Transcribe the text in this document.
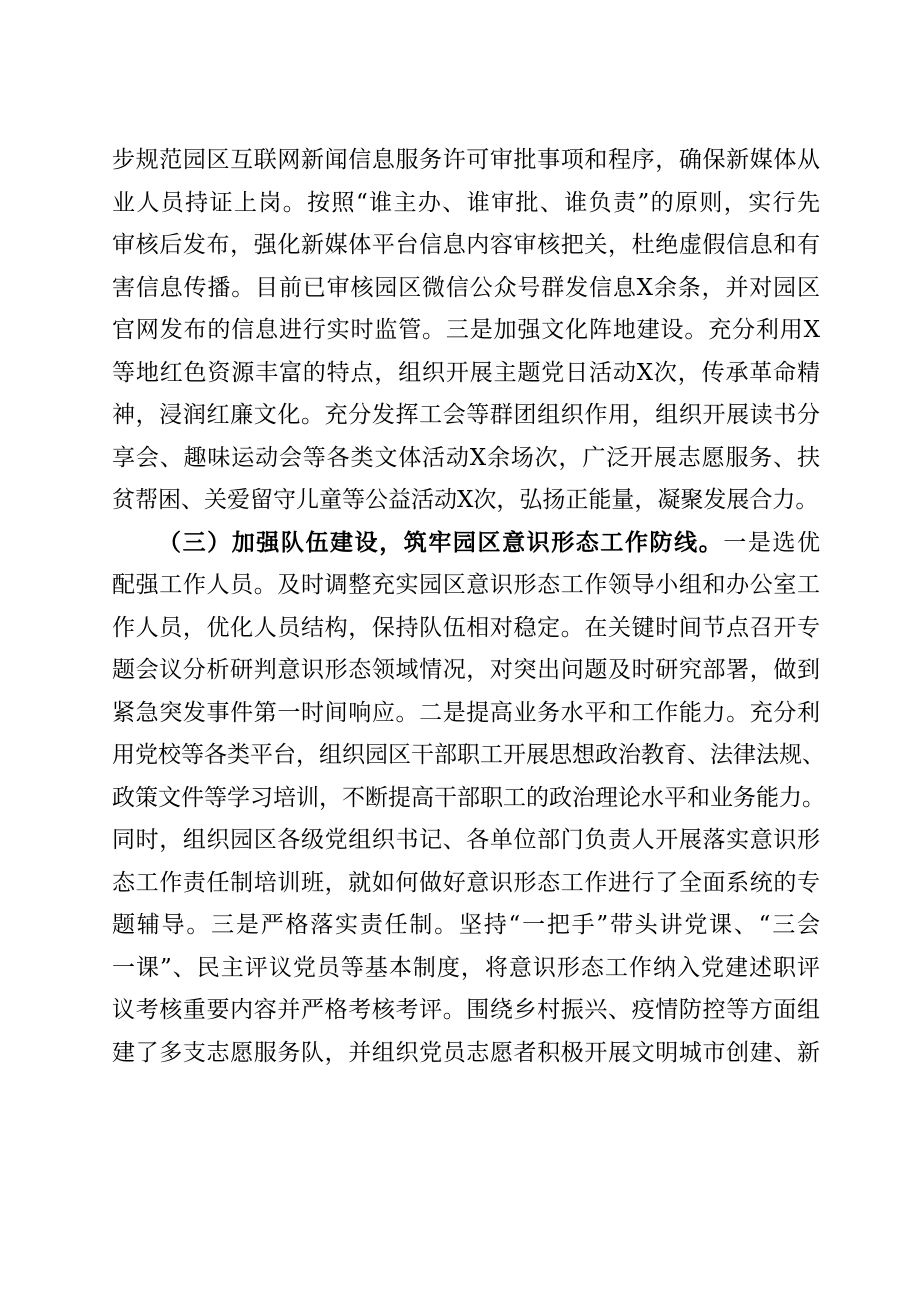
步规范园区互联网新闻信息服务许可审批事项和程序，确保新媒体从
业人员持证上岗。按照“谁主办、谁审批、谁负责”的原则，实行先
审核后发布，强化新媒体平台信息内容审核把关，杜绝虚假信息和有
害信息传播。目前已审核园区微信公众号群发信息X余条，并对园区
官网发布的信息进行实时监管。三是加强文化阵地建设。充分利用X
等地红色资源丰富的特点，组织开展主题党日活动X次，传承革命精
神，浸润红廉文化。充分发挥工会等群团组织作用，组织开展读书分
享会、趣味运动会等各类文体活动X余场次，广泛开展志愿服务、扶
贫帮困、关爱留守儿童等公益活动X次，弘扬正能量，凝聚发展合力。
（三）加强队伍建设，筑牢园区意识形态工作防线。一是选优
配强工作人员。及时调整充实园区意识形态工作领导小组和办公室工
作人员，优化人员结构，保持队伍相对稳定。在关键时间节点召开专
题会议分析研判意识形态领域情况，对突出问题及时研究部署，做到
紧急突发事件第一时间响应。二是提高业务水平和工作能力。充分利
用党校等各类平台，组织园区干部职工开展思想政治教育、法律法规、
政策文件等学习培训，不断提高干部职工的政治理论水平和业务能力。
同时，组织园区各级党组织书记、各单位部门负责人开展落实意识形
态工作责任制培训班，就如何做好意识形态工作进行了全面系统的专
题辅导。三是严格落实责任制。坚持“一把手”带头讲党课、“三会
一课”、民主评议党员等基本制度，将意识形态工作纳入党建述职评
议考核重要内容并严格考核考评。围绕乡村振兴、疫情防控等方面组
建了多支志愿服务队，并组织党员志愿者积极开展文明城市创建、新
